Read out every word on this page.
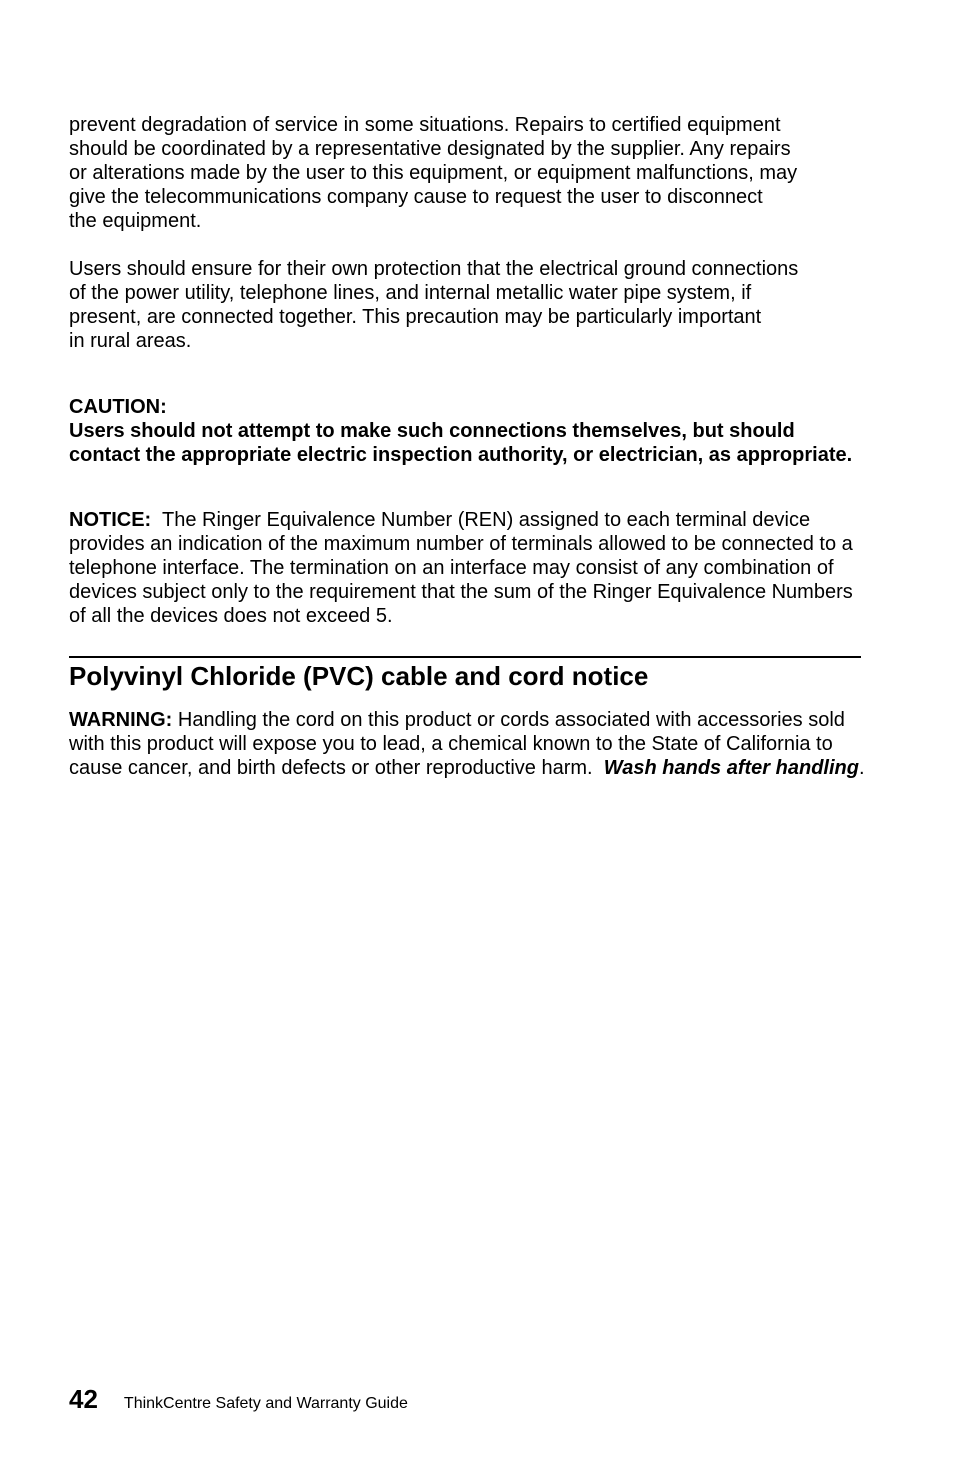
prevent degradation of service in some situations. Repairs to certified equipment
should be coordinated by a representative designated by the supplier. Any repairs
or alterations made by the user to this equipment, or equipment malfunctions, may
give the telecommunications company cause to request the user to disconnect
the equipment.

Users should ensure for their own protection that the electrical ground connections
of the power utility, telephone lines, and internal metallic water pipe system, if
present, are connected together. This precaution may be particularly important
in rural areas.

CAUTION:
Users should not attempt to make such connections themselves, but should contact the appropriate electric inspection authority, or electrician, as appropriate.
NOTICE: The Ringer Equivalence Number (REN) assigned to each terminal device provides an indication of the maximum number of terminals allowed to be connected to a telephone interface. The termination on an interface may consist of any combination of devices subject only to the requirement that the sum of the Ringer Equivalence Numbers of all the devices does not exceed 5.
Polyvinyl Chloride (PVC) cable and cord notice
WARNING: Handling the cord on this product or cords associated with accessories sold with this product will expose you to lead, a chemical known to the State of California to cause cancer, and birth defects or other reproductive harm. Wash hands after handling.
42 ThinkCentre Safety and Warranty Guide
